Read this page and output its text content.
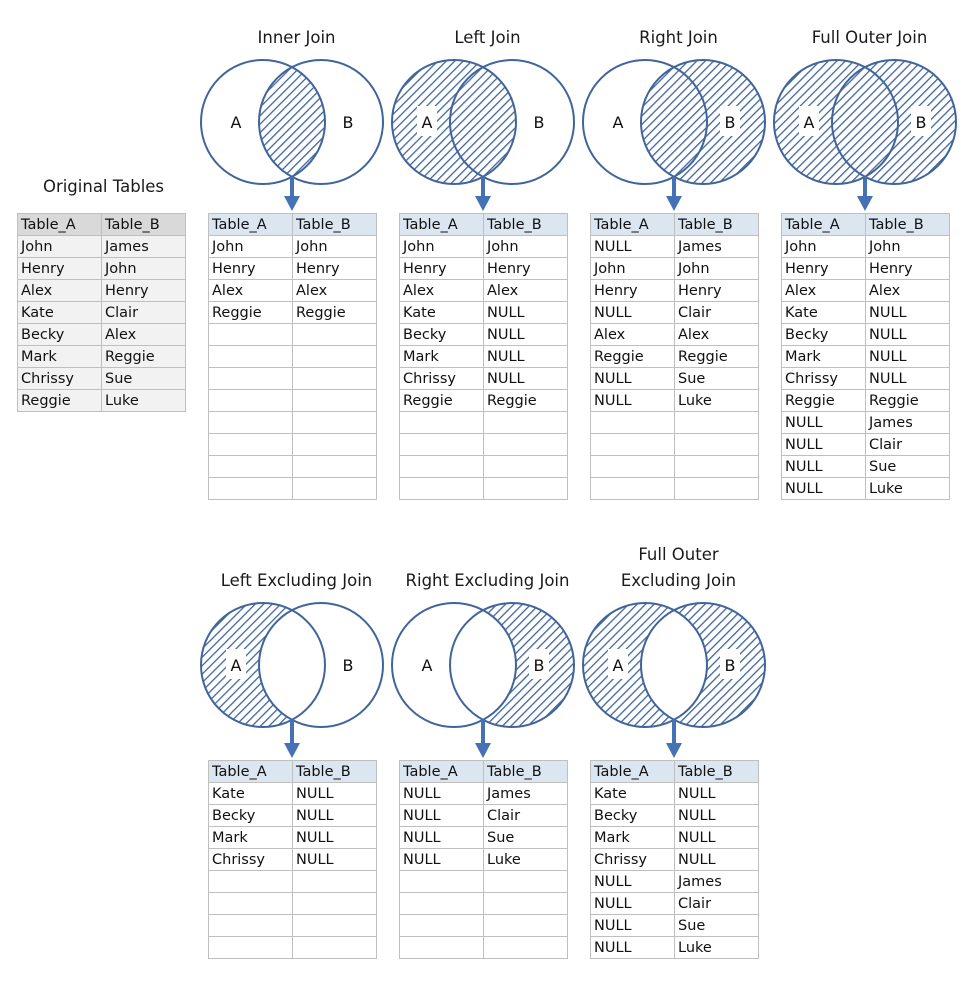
Original Tables
Table_A	Table_B
John	James
Henry	John
Alex	Henry
Kate	Clair
Becky	Alex
Mark	Reggie
Chrissy	Sue
Reggie	Luke
Inner Join
A	B
Table_A	Table_B
John	John
Henry	Henry
Alex	Alex
Reggie	Reggie

Left Join
A	B
Table_A	Table_B
John	John
Henry	Henry
Alex	Alex
Kate	NULL
Becky	NULL
Mark	NULL
Chrissy	NULL
Reggie	Reggie

Right Join
A	B
Table_A	Table_B
NULL	James
John	John
Henry	Henry
NULL	Clair
Alex	Alex
Reggie	Reggie
NULL	Sue
NULL	Luke

Full Outer Join
A	B
Table_A	Table_B
John	John
Henry	Henry
Alex	Alex
Kate	NULL
Becky	NULL
Mark	NULL
Chrissy	NULL
Reggie	Reggie
NULL	James
NULL	Clair
NULL	Sue
NULL	Luke
Left Excluding Join
A	B
Table_A	Table_B
Kate	NULL
Becky	NULL
Mark	NULL
Chrissy	NULL

Right Excluding Join
A	B
Table_A	Table_B
NULL	James
NULL	Clair
NULL	Sue
NULL	Luke

Full Outer
Excluding Join
A	B
Table_A	Table_B
Kate	NULL
Becky	NULL
Mark	NULL
Chrissy	NULL
NULL	James
NULL	Clair
NULL	Sue
NULL	Luke
